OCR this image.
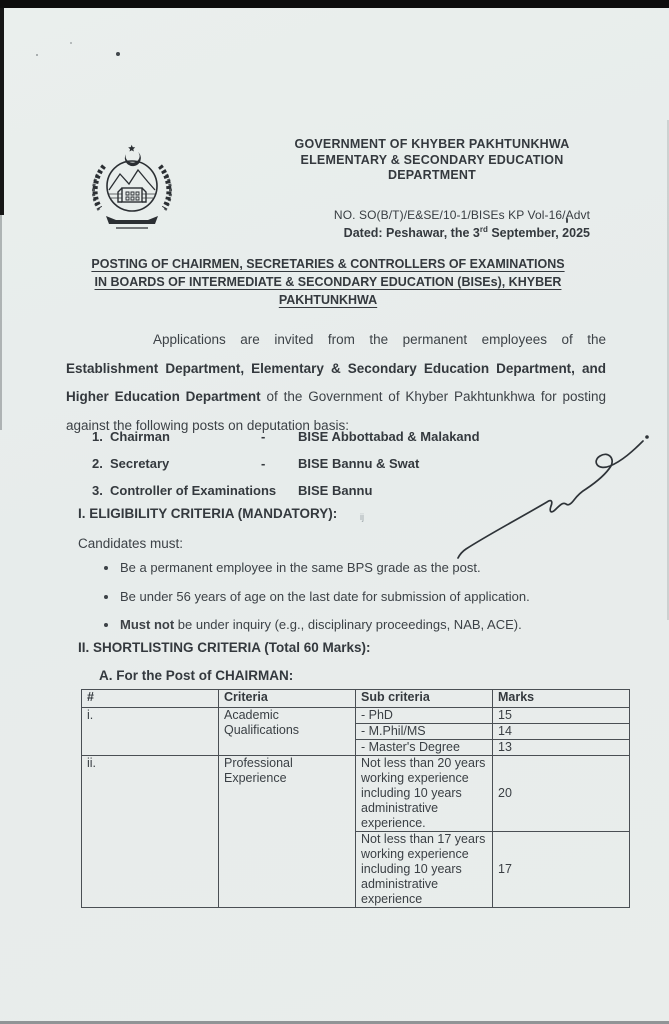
ij
GOVERNMENT OF KHYBER PAKHTUNKHWA
ELEMENTARY & SECONDARY EDUCATION
DEPARTMENT
NO. SO(B/T)/E&SE/10-1/BISEs KP Vol-16/Advt
Dated: Peshawar, the 3rd September, 2025
POSTING OF CHAIRMEN, SECRETARIES & CONTROLLERS OF EXAMINATIONS
IN BOARDS OF INTERMEDIATE & SECONDARY EDUCATION (BISEs), KHYBER
PAKHTUNKHWA
Applications are invited from the permanent employees of the Establishment Department, Elementary & Secondary Education Department, and Higher Education Department of the Government of Khyber Pakhtunkhwa for posting against the following posts on deputation basis:
1. Chairman	-	BISE Abbottabad & Malakand
2. Secretary	-	BISE Bannu & Swat
3. Controller of Examinations BISE Bannu
I. ELIGIBILITY CRITERIA (MANDATORY):
Candidates must:
Be a permanent employee in the same BPS grade as the post.
Be under 56 years of age on the last date for submission of application.
Must not be under inquiry (e.g., disciplinary proceedings, NAB, ACE).
II. SHORTLISTING CRITERIA (Total 60 Marks):
A. For the Post of CHAIRMAN:
#	Criteria	Sub criteria	Marks
i.	Academic Qualifications	- PhD	15
		- M.Phil/MS	14
		- Master's Degree	13
ii.	Professional Experience	Not less than 20 years working experience including 10 years administrative experience.	20
		Not less than 17 years working experience including 10 years administrative experience	17
